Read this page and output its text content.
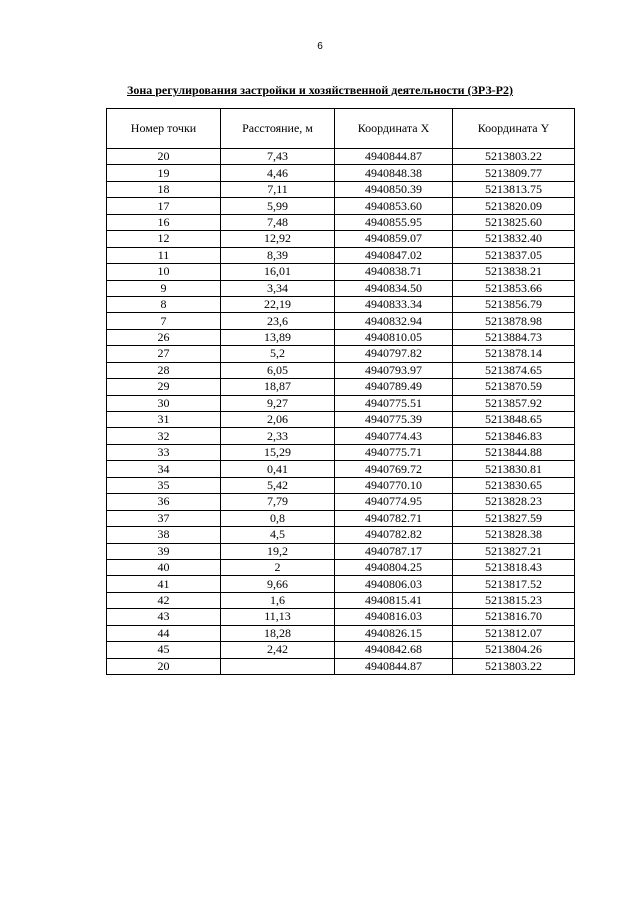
6
Зона регулирования застройки и хозяйственной деятельности (ЗРЗ-Р2)
Номер точки	Расстояние, м	Координата X	Координата Y
20	7,43	4940844.87	5213803.22
19	4,46	4940848.38	5213809.77
18	7,11	4940850.39	5213813.75
17	5,99	4940853.60	5213820.09
16	7,48	4940855.95	5213825.60
12	12,92	4940859.07	5213832.40
11	8,39	4940847.02	5213837.05
10	16,01	4940838.71	5213838.21
9	3,34	4940834.50	5213853.66
8	22,19	4940833.34	5213856.79
7	23,6	4940832.94	5213878.98
26	13,89	4940810.05	5213884.73
27	5,2	4940797.82	5213878.14
28	6,05	4940793.97	5213874.65
29	18,87	4940789.49	5213870.59
30	9,27	4940775.51	5213857.92
31	2,06	4940775.39	5213848.65
32	2,33	4940774.43	5213846.83
33	15,29	4940775.71	5213844.88
34	0,41	4940769.72	5213830.81
35	5,42	4940770.10	5213830.65
36	7,79	4940774.95	5213828.23
37	0,8	4940782.71	5213827.59
38	4,5	4940782.82	5213828.38
39	19,2	4940787.17	5213827.21
40	2	4940804.25	5213818.43
41	9,66	4940806.03	5213817.52
42	1,6	4940815.41	5213815.23
43	11,13	4940816.03	5213816.70
44	18,28	4940826.15	5213812.07
45	2,42	4940842.68	5213804.26
20		4940844.87	5213803.22
